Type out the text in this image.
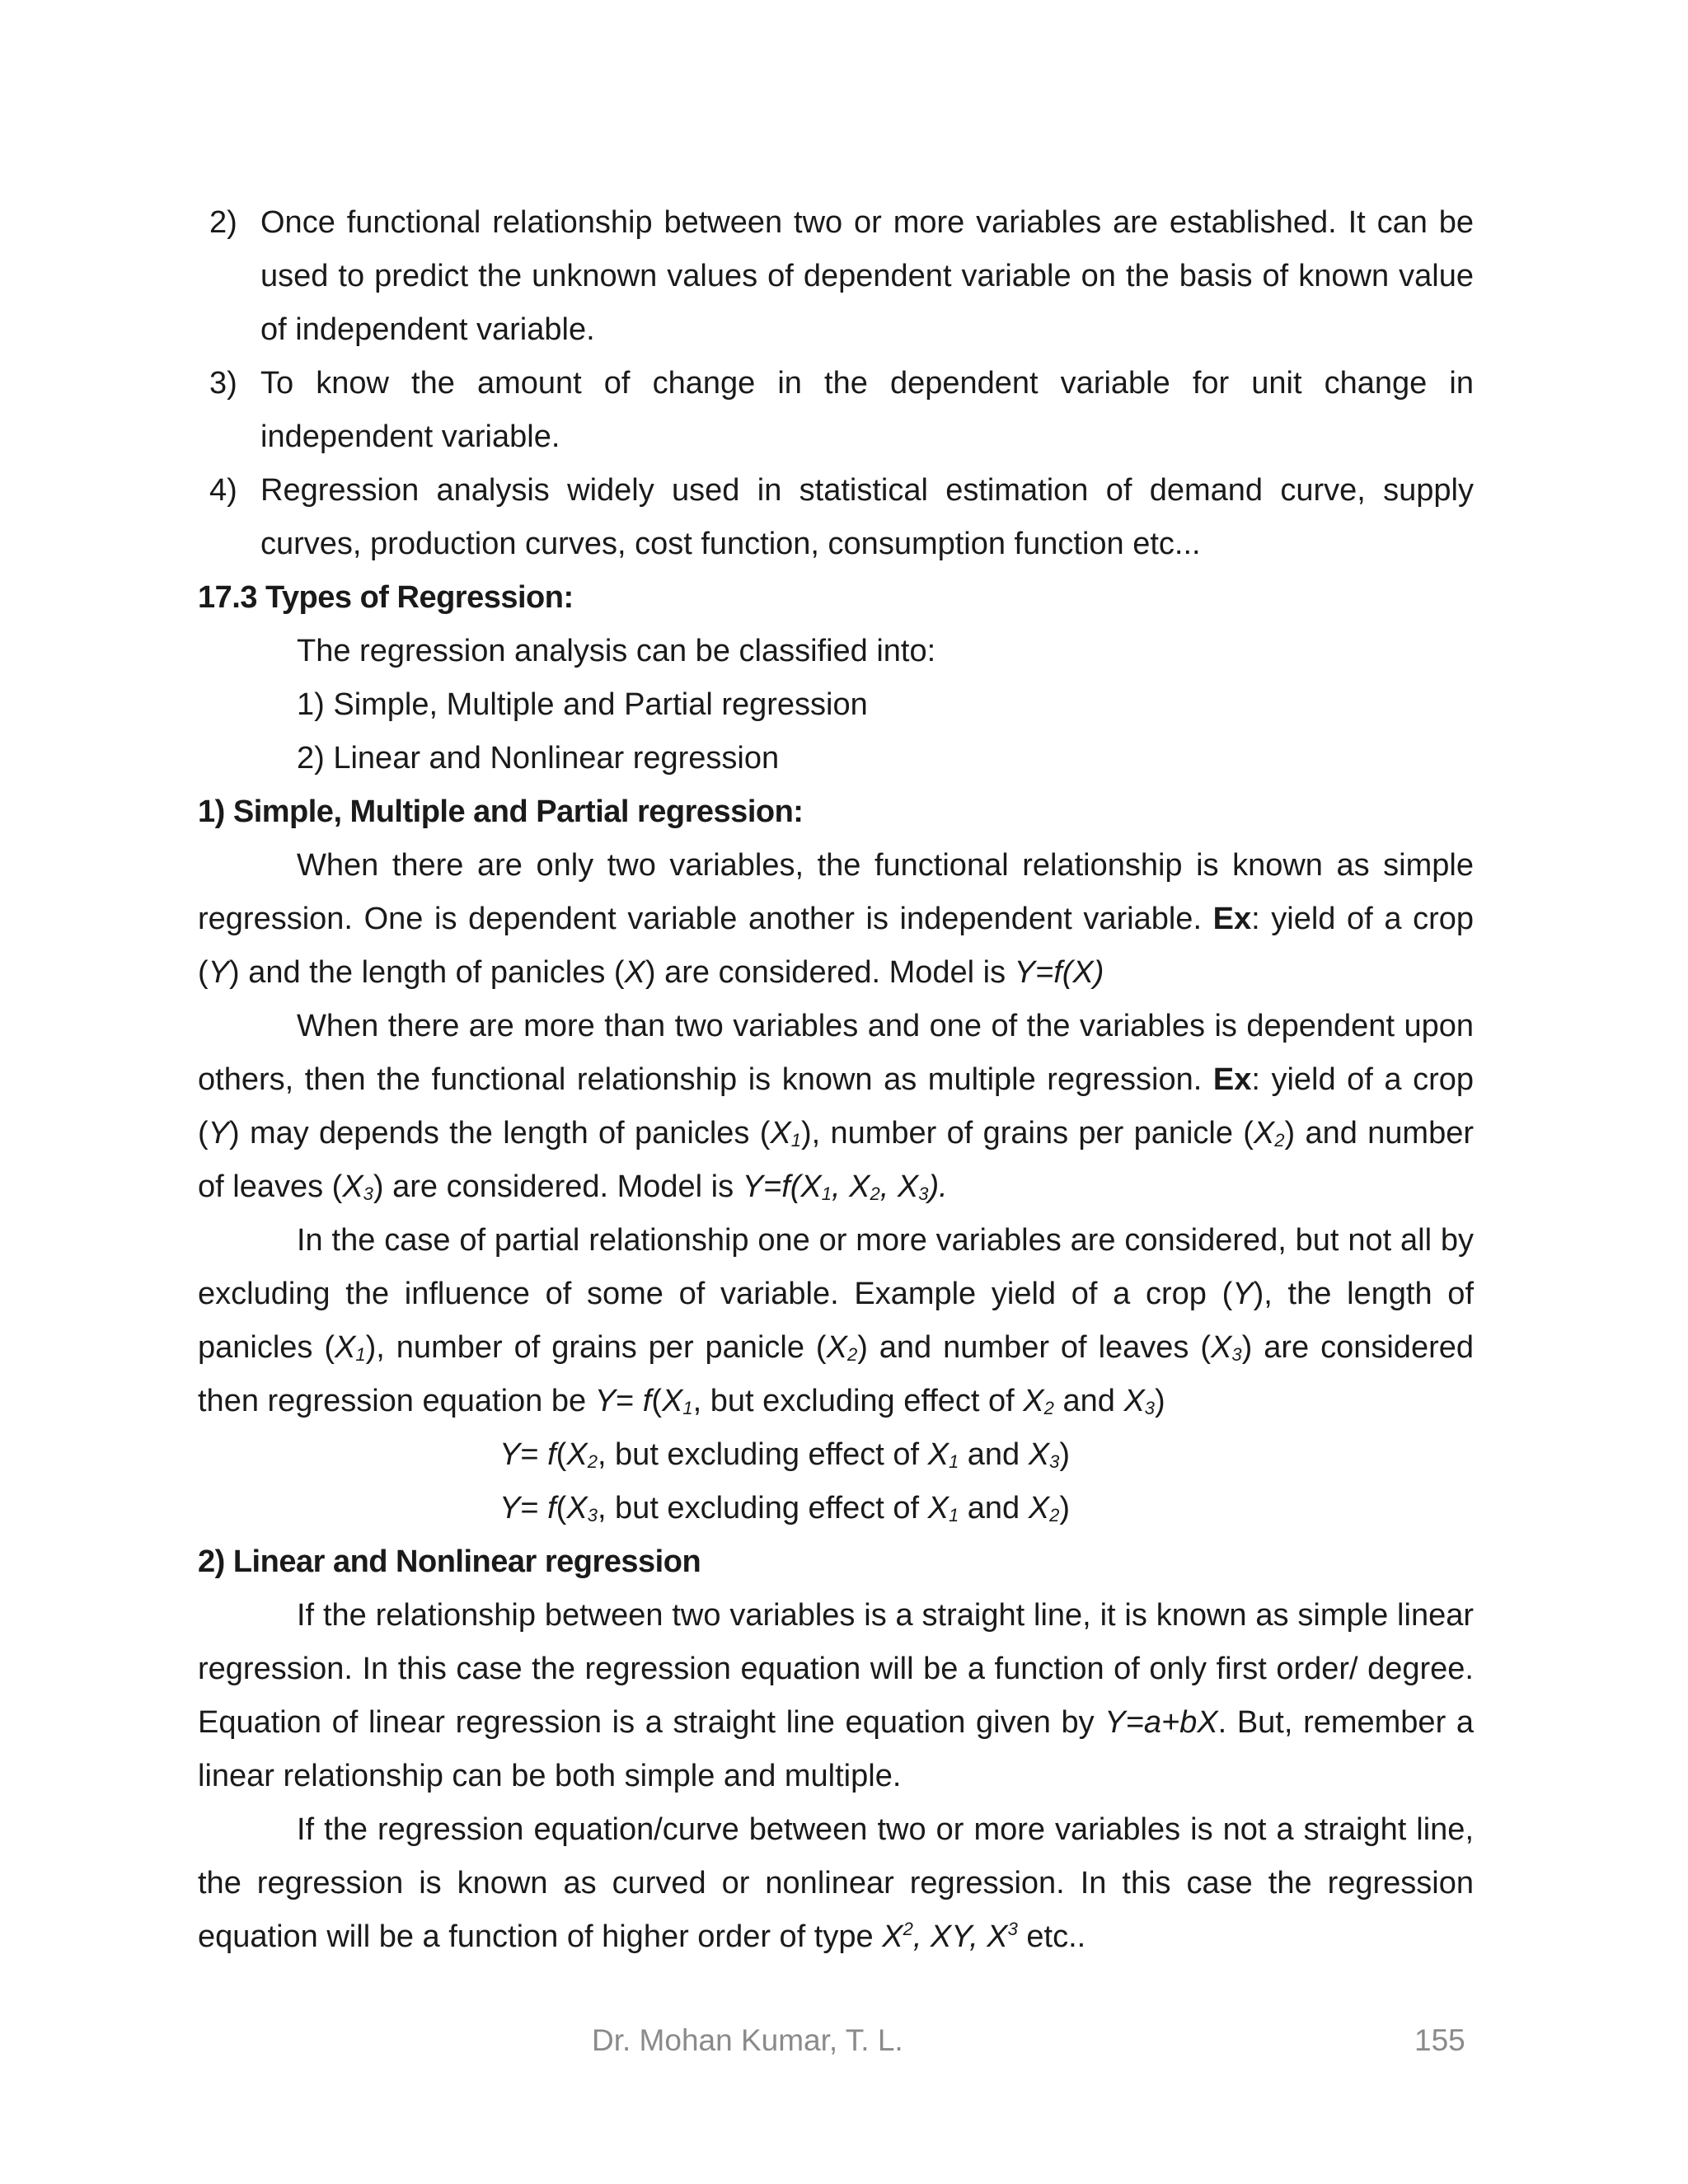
2) Once functional relationship between two or more variables are established. It can be used to predict the unknown values of dependent variable on the basis of known value of independent variable.
3) To know the amount of change in the dependent variable for unit change in independent variable.
4) Regression analysis widely used in statistical estimation of demand curve, supply curves, production curves, cost function, consumption function etc...
17.3 Types of Regression:
The regression analysis can be classified into:
1) Simple, Multiple and Partial regression
2) Linear and Nonlinear regression
1) Simple, Multiple and Partial regression:
When there are only two variables, the functional relationship is known as simple regression. One is dependent variable another is independent variable. Ex: yield of a crop (Y) and the length of panicles (X) are considered. Model is Y=f(X)
When there are more than two variables and one of the variables is dependent upon others, then the functional relationship is known as multiple regression. Ex: yield of a crop (Y) may depends the length of panicles $(X_1)$, number of grains per panicle $(X_2)$ and number of leaves $(X_3)$ are considered. Model is $Y=f(X_1$, $X_2$, $X_3$).
In the case of partial relationship one or more variables are considered, but not all by excluding the influence of some of variable. Example yield of a crop (Y), the length of panicles $(X_1)$, number of grains per panicle $(X_2)$ and number of leaves $(X_3)$ are considered then regression equation be $Y= f(X_1$, but excluding effect of $X_2$ and $X_3$)
$Y= f(X_2$, but excluding effect of $X_1$ and $X_3$)
$Y= f(X_3$, but excluding effect of $X_1$ and $X_2$)
2) Linear and Nonlinear regression
If the relationship between two variables is a straight line, it is known as simple linear regression. In this case the regression equation will be a function of only first order/ degree. Equation of linear regression is a straight line equation given by Y=a+bX. But, remember a linear relationship can be both simple and multiple.
If the regression equation/curve between two or more variables is not a straight line, the regression is known as curved or nonlinear regression. In this case the regression equation will be a function of higher order of type $X^2$, XY, $X^3$ etc..
Dr. Mohan Kumar, T. L.	155
